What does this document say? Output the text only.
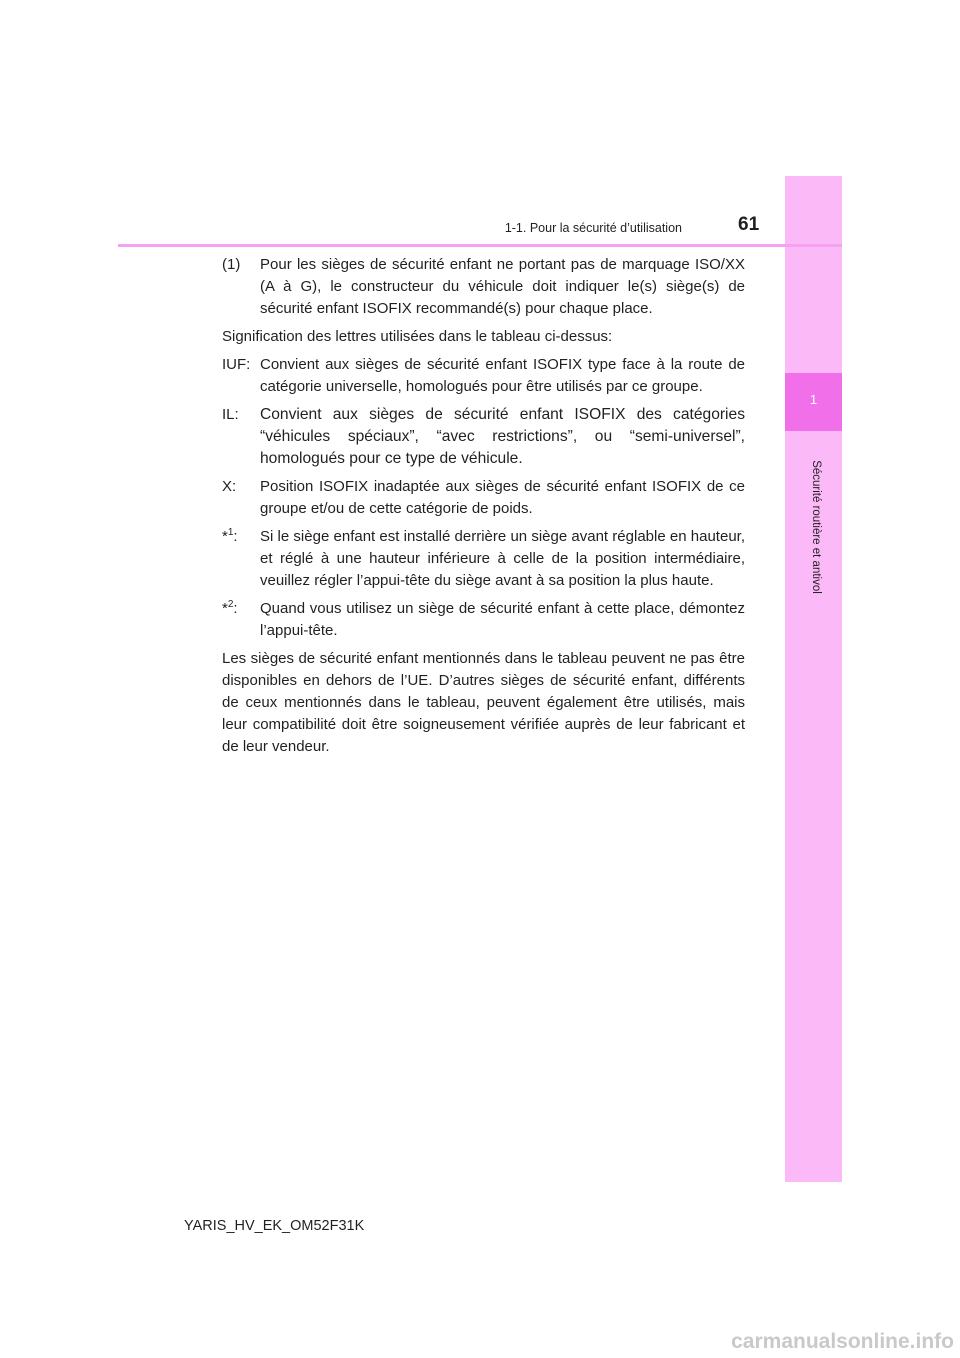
1
Sécurité routière et antivol
1-1. Pour la sécurité d’utilisation	61
(1)	Pour les sièges de sécurité enfant ne portant pas de marquage ISO/XX (A à G), le constructeur du véhicule doit indiquer le(s) siège(s) de sécurité enfant ISOFIX recommandé(s) pour chaque place.

Signification des lettres utilisées dans le tableau ci-dessus:

IUF: Convient aux sièges de sécurité enfant ISOFIX type face à la route de catégorie universelle, homologués pour être utilisés par ce groupe.
IL:	Convient aux sièges de sécurité enfant ISOFIX des catégories “véhicules spéciaux”, “avec restrictions”, ou “semi-universel”, homologués pour ce type de véhicule.
X:	Position ISOFIX inadaptée aux sièges de sécurité enfant ISOFIX de ce groupe et/ou de cette catégorie de poids.
*$^1$:	Si le siège enfant est installé derrière un siège avant réglable en hauteur, et réglé à une hauteur inférieure à celle de la position intermédiaire, veuillez régler l’appui-tête du siège avant à sa position la plus haute.
*$^2$:	Quand vous utilisez un siège de sécurité enfant à cette place, démontez l’appui-tête.

Les sièges de sécurité enfant mentionnés dans le tableau peuvent ne pas être disponibles en dehors de l’UE. D’autres sièges de sécurité enfant, différents de ceux mentionnés dans le tableau, peuvent également être utilisés, mais leur compatibilité doit être soigneusement vérifiée auprès de leur fabricant et de leur vendeur.

YARIS_HV_EK_OM52F31K
carmanualsonline.info
